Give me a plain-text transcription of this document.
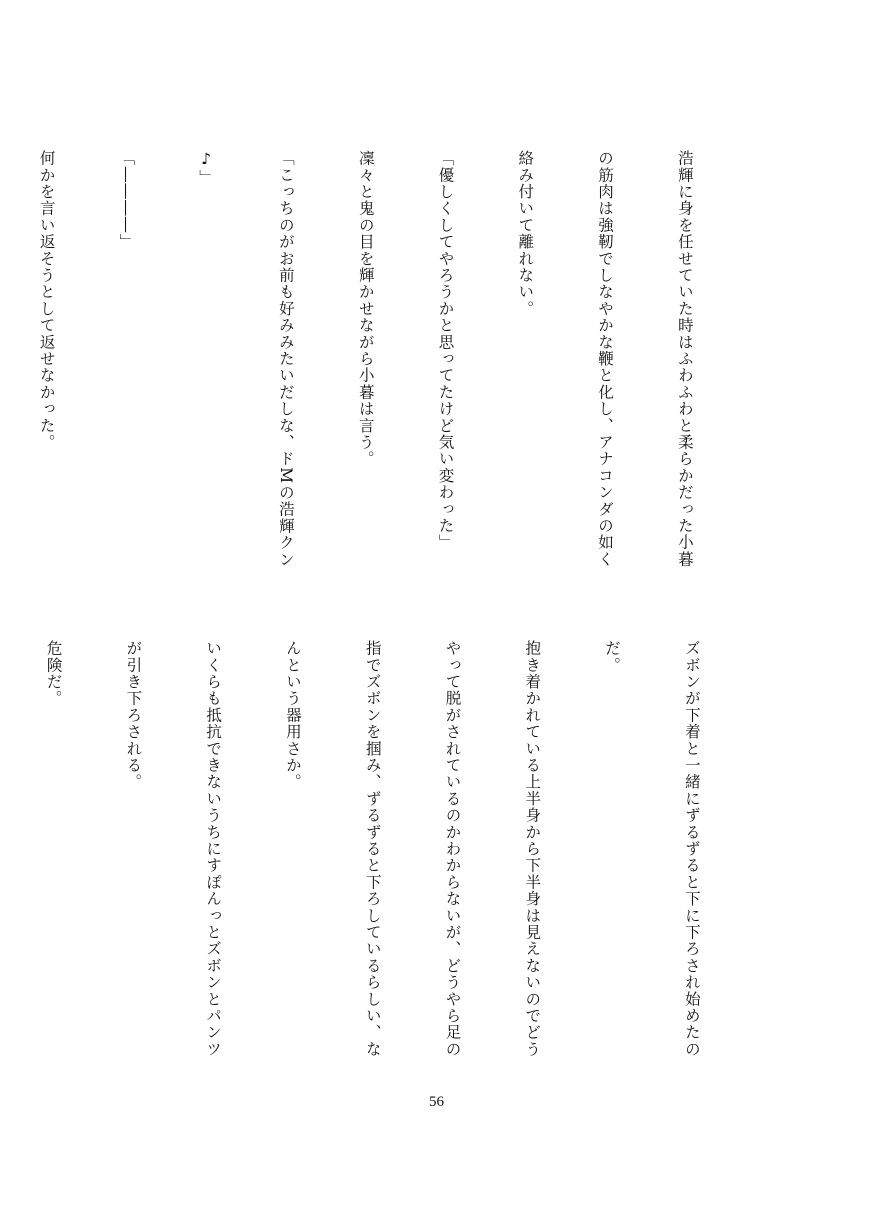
浩輝に身を任せていた時はふわふわと柔らかだった小暮

の筋肉は強靭でしなやかな鞭と化し、アナコンダの如く

絡み付いて離れない。

「優しくしてやろうかと思ってたけど気い変わった」

凜々と鬼の目を輝かせながら小暮は言う。

「こっちのがお前も好みみたいだしな、ドMの浩輝クン

♪」

「――――」

何かを言い返そうとして返せなかった。

ズボンが下着と一緒にずるずると下に下ろされ始めたの

だ。

抱き着かれている上半身から下半身は見えないのでどう

やって脱がされているのかわからないが、どうやら足の

指でズボンを掴み、ずるずると下ろしているらしい、な

んという器用さか。

いくらも抵抗できないうちにすぽんっとズボンとパンツ

が引き下ろされる。

危険だ。

56
